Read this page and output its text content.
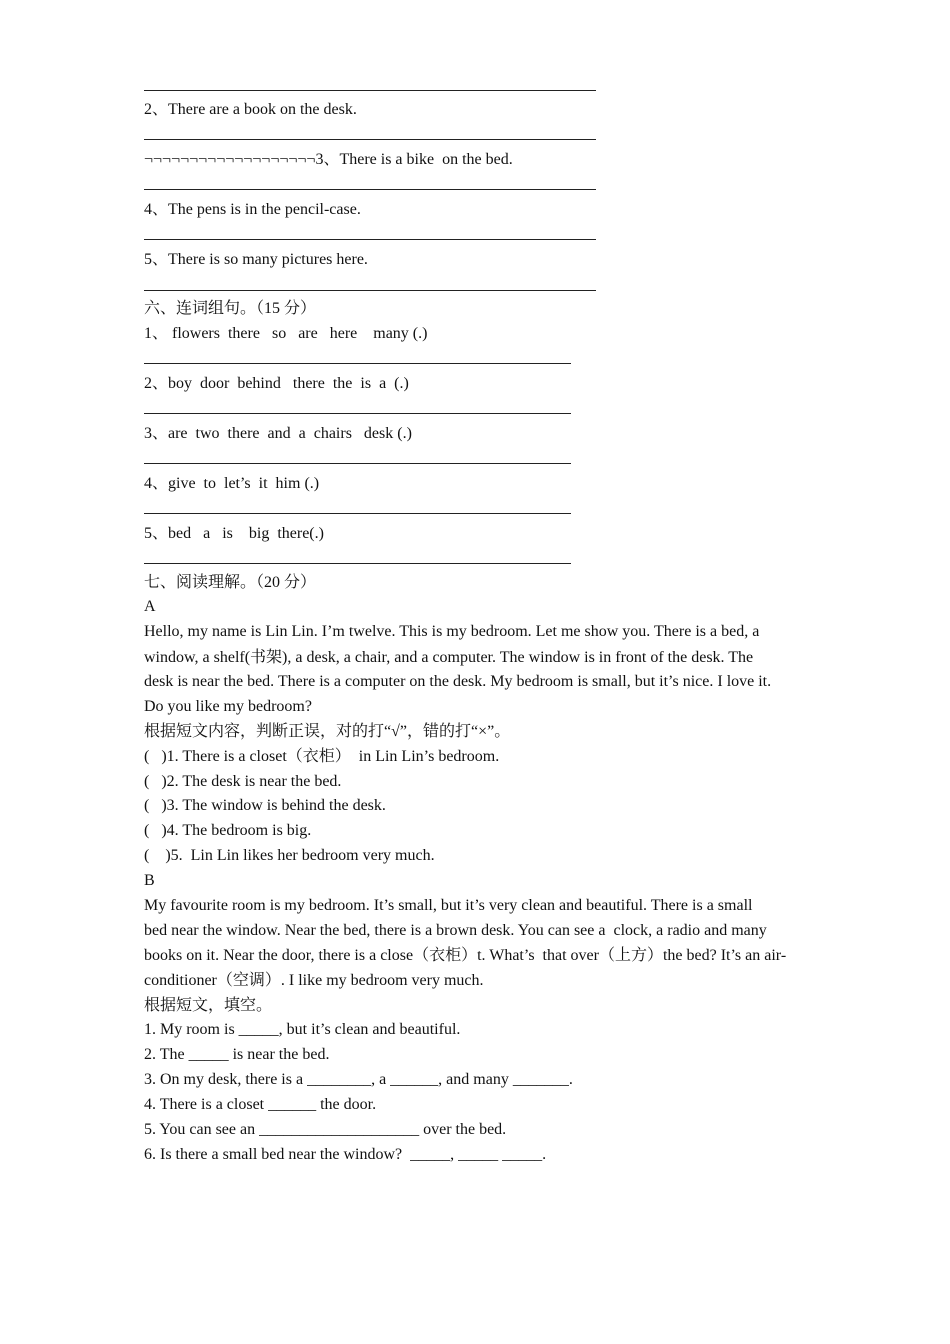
2、There are a book on the desk.
¬¬¬¬¬¬¬¬¬¬¬¬¬¬¬¬¬¬¬3、There is a bike  on the bed.
4、The pens is in the pencil-case.
5、There is so many pictures here.
六、连词组句。（15 分）
1、 flowers  there   so   are   here    many (.)
2、boy  door  behind   there  the  is  a  (.)
3、are  two  there  and  a  chairs   desk (.)
4、give  to  let’s  it  him (.)
5、bed   a   is    big  there(.)
七、阅读理解。（20 分）
A
Hello, my name is Lin Lin. I’m twelve. This is my bedroom. Let me show you. There is a bed, a
window, a shelf(书架), a desk, a chair, and a computer. The window is in front of the desk. The
desk is near the bed. There is a computer on the desk. My bedroom is small, but it’s nice. I love it.
Do you like my bedroom?
根据短文内容，判断正误，对的打“√”，错的打“×”。
(   )1. There is a closet（衣柜）  in Lin Lin’s bedroom.
(   )2. The desk is near the bed.
(   )3. The window is behind the desk.
(   )4. The bedroom is big.
(    )5.  Lin Lin likes her bedroom very much.
B
My favourite room is my bedroom. It’s small, but it’s very clean and beautiful. There is a small
bed near the window. Near the bed, there is a brown desk. You can see a  clock, a radio and many
books on it. Near the door, there is a close（衣柜）t. What’s  that over（上方）the bed? It’s an air-
conditioner（空调）. I like my bedroom very much.
根据短文，填空。
1. My room is _____, but it’s clean and beautiful.
2. The _____ is near the bed.
3. On my desk, there is a ________, a ______, and many _______.
4. There is a closet ______ the door.
5. You can see an ____________________ over the bed.
6. Is there a small bed near the window?  _____, _____ _____.
